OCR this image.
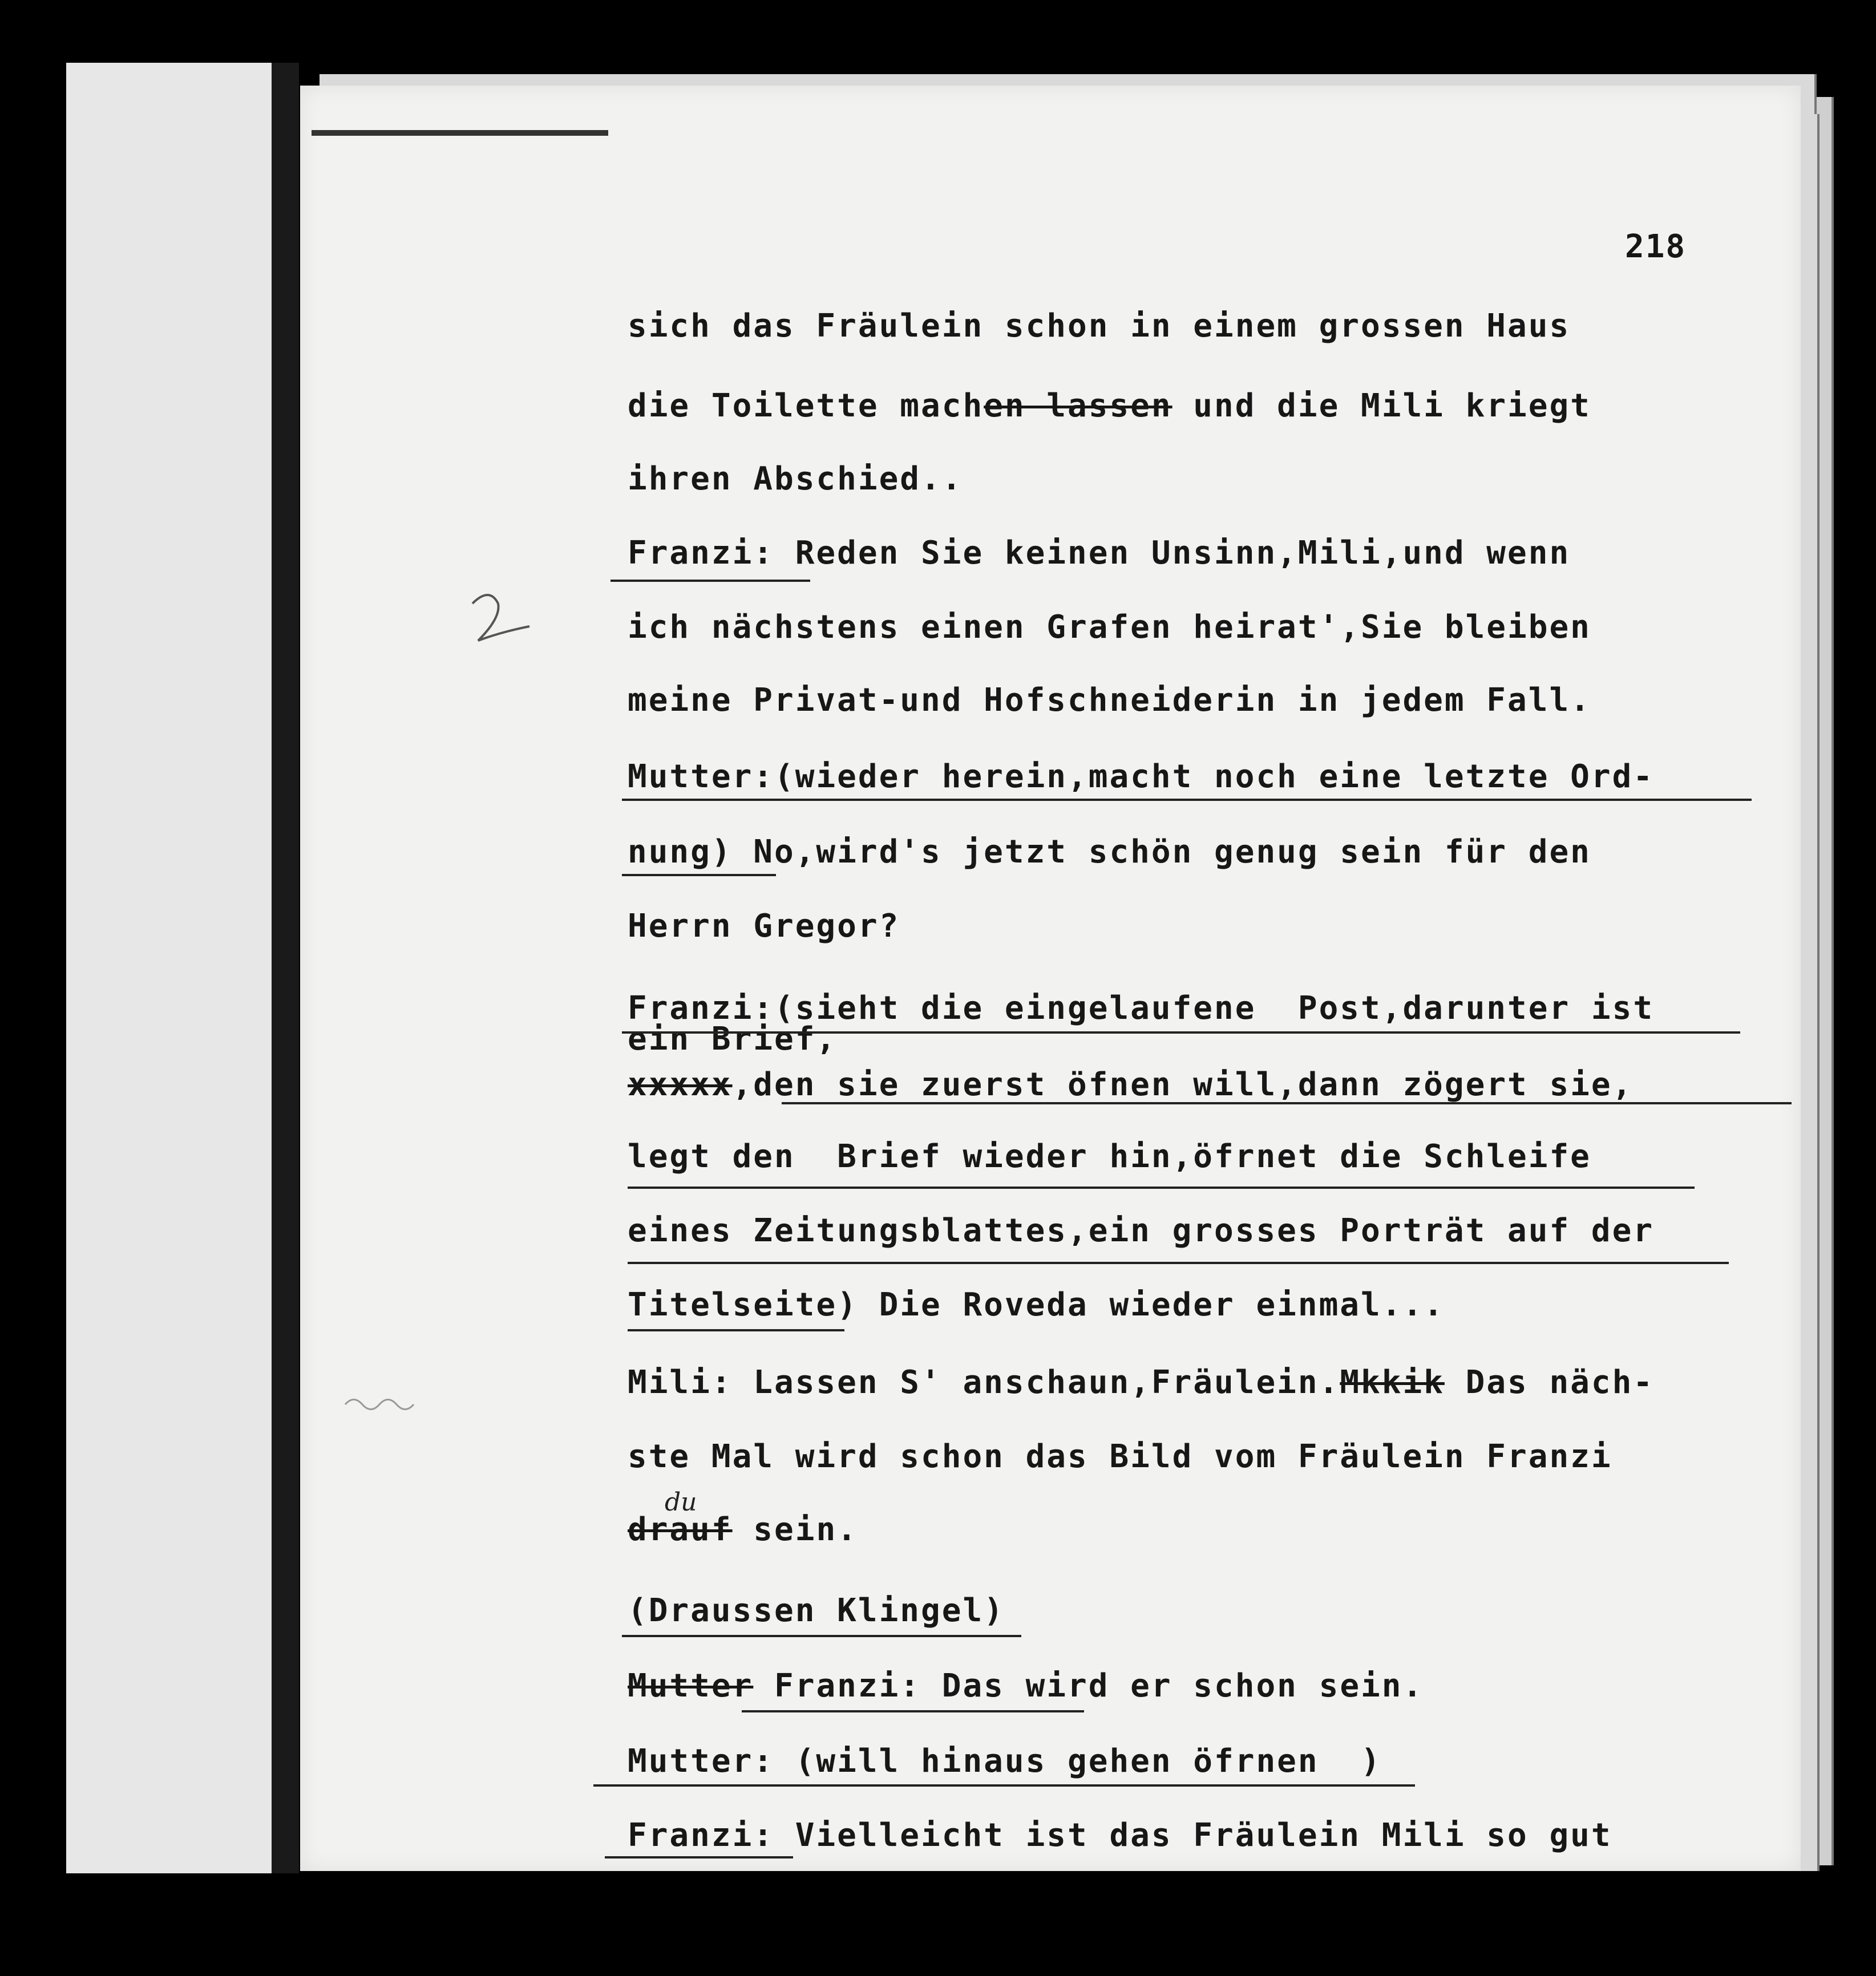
218
sich das Fräulein schon in einem grossen Haus
die Toilette machen lassen und die Mili kriegt
ihren Abschied..
Franzi: Reden Sie keinen Unsinn,Mili,und wenn
ich nächstens einen Grafen heirat',Sie bleiben
meine Privat-und Hofschneiderin in jedem Fall.
Mutter:(wieder herein,macht noch eine letzte Ord-
nung) No,wird's jetzt schön genug sein für den
Herrn Gregor?
Franzi:(sieht die eingelaufene  Post,darunter ist
ein Brief,
xxxxx,den sie zuerst öfnen will,dann zögert sie,
legt den  Brief wieder hin,öfrnet die Schleife
eines Zeitungsblattes,ein grosses Porträt auf der
Titelseite) Die Roveda wieder einmal...
Mili: Lassen S' anschaun,Fräulein.Mkkik Das näch-
ste Mal wird schon das Bild vom Fräulein Franzi
drauf sein.
(Draussen Klingel)
Mutter Franzi: Das wird er schon sein.
Mutter: (will hinaus gehen öfrnen  )
Franzi: Vielleicht ist das Fräulein Mili so gut
du
